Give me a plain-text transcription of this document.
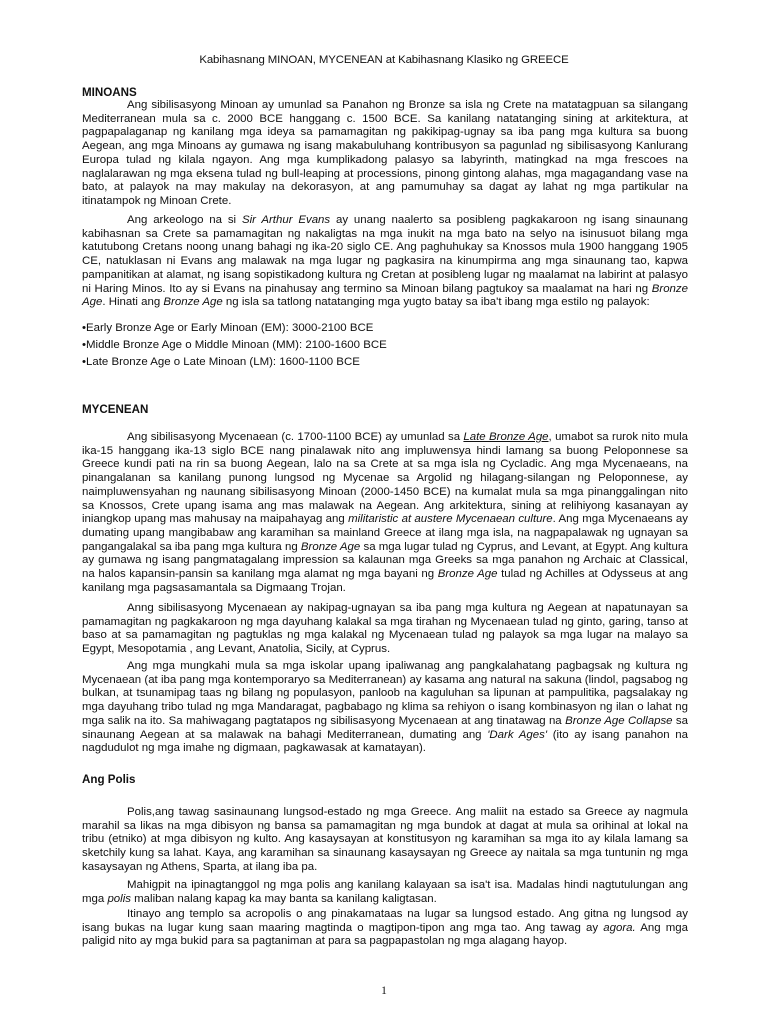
Kabihasnang MINOAN, MYCENEAN at Kabihasnang Klasiko ng GREECE
MINOANS

Ang sibilisasyong Minoan ay umunlad sa Panahon ng Bronze sa isla ng Crete na matatagpuan sa silangang Mediterranean mula sa c. 2000 BCE hanggang c. 1500 BCE. Sa kanilang natatanging sining at arkitektura, at pagpapalaganap ng kanilang mga ideya sa pamamagitan ng pakikipag-ugnay sa iba pang mga kultura sa buong Aegean, ang mga Minoans ay gumawa ng isang makabuluhang kontribusyon sa pagunlad ng sibilisasyong Kanlurang Europa tulad ng kilala ngayon. Ang mga kumplikadong palasyo sa labyrinth, matingkad na mga frescoes na naglalarawan ng mga eksena tulad ng bull-leaping at processions, pinong gintong alahas, mga magagandang vase na bato, at palayok na may makulay na dekorasyon, at ang pamumuhay sa dagat ay lahat ng mga partikular na itinatampok ng Minoan Crete.

Ang arkeologo na si Sir Arthur Evans ay unang naalerto sa posibleng pagkakaroon ng isang sinaunang kabihasnan sa Crete sa pamamagitan ng nakaligtas na mga inukit na mga bato na selyo na isinusuot bilang mga katutubong Cretans noong unang bahagi ng ika-20 siglo CE. Ang paghuhukay sa Knossos mula 1900 hanggang 1905 CE, natuklasan ni Evans ang malawak na mga lugar ng pagkasira na kinumpirma ang mga sinaunang tao, kapwa pampanitikan at alamat, ng isang sopistikadong kultura ng Cretan at posibleng lugar ng maalamat na labirint at palasyo ni Haring Minos. Ito ay si Evans na pinahusay ang termino sa Minoan bilang pagtukoy sa maalamat na hari ng Bronze Age. Hinati ang Bronze Age ng isla sa tatlong natatanging mga yugto batay sa iba't ibang mga estilo ng palayok:

•Early Bronze Age or Early Minoan (EM): 3000-2100 BCE
•Middle Bronze Age o Middle Minoan (MM): 2100-1600 BCE
•Late Bronze Age o Late Minoan (LM): 1600-1100 BCE
MYCENEAN

Ang sibilisasyong Mycenaean (c. 1700-1100 BCE) ay umunlad sa Late Bronze Age, umabot sa rurok nito mula ika-15 hanggang ika-13 siglo BCE nang pinalawak nito ang impluwensya hindi lamang sa buong Peloponnese sa Greece kundi pati na rin sa buong Aegean, lalo na sa Crete at sa mga isla ng Cycladic. Ang mga Mycenaeans, na pinangalanan sa kanilang punong lungsod ng Mycenae sa Argolid ng hilagang-silangan ng Peloponnese, ay naimpluwensyahan ng naunang sibilisasyong Minoan (2000-1450 BCE) na kumalat mula sa mga pinanggalingan nito sa Knossos, Crete upang isama ang mas malawak na Aegean. Ang arkitektura, sining at relihiyong kasanayan ay iniangkop upang mas mahusay na maipahayag ang militaristic at austere Mycenaean culture. Ang mga Mycenaeans ay dumating upang mangibabaw ang karamihan sa mainland Greece at ilang mga isla, na nagpapalawak ng ugnayan sa pangangalakal sa iba pang mga kultura ng Bronze Age sa mga lugar tulad ng Cyprus, and Levant, at Egypt. Ang kultura ay gumawa ng isang pangmatagalang impression sa kalaunan mga Greeks sa mga panahon ng Archaic at Classical, na halos kapansin-pansin sa kanilang mga alamat ng mga bayani ng Bronze Age tulad ng Achilles at Odysseus at ang kanilang mga pagsasamantala sa Digmaang Trojan.

Anng sibilisasyong Mycenaean ay nakipag-ugnayan sa iba pang mga kultura ng Aegean at napatunayan sa pamamagitan ng pagkakaroon ng mga dayuhang kalakal sa mga tirahan ng Mycenaean tulad ng ginto, garing, tanso at baso at sa pamamagitan ng pagtuklas ng mga kalakal ng Mycenaean tulad ng palayok sa mga lugar na malayo sa Egypt, Mesopotamia , ang Levant, Anatolia, Sicily, at Cyprus.

Ang mga mungkahi mula sa mga iskolar upang ipaliwanag ang pangkalahatang pagbagsak ng kultura ng Mycenaean (at iba pang mga kontemporaryo sa Mediterranean) ay kasama ang natural na sakuna (lindol, pagsabog ng bulkan, at tsunamipag taas ng bilang ng populasyon, panloob na kaguluhan sa lipunan at pampulitika, pagsalakay ng mga dayuhang tribo tulad ng mga Mandaragat, pagbabago ng klima sa rehiyon o isang kombinasyon ng ilan o lahat ng mga salik na ito. Sa mahiwagang pagtatapos ng sibilisasyong Mycenaean at ang tinatawag na Bronze Age Collapse sa sinaunang Aegean at sa malawak na bahagi Mediterranean, dumating ang 'Dark Ages' (ito ay isang panahon na nagdudulot ng mga imahe ng digmaan, pagkawasak at kamatayan).

Ang Polis

Polis,ang tawag sasinaunang lungsod-estado ng mga Greece. Ang maliit na estado sa Greece ay nagmula marahil sa likas na mga dibisyon ng bansa sa pamamagitan ng mga bundok at dagat at mula sa orihinal at lokal na tribu (etniko) at mga dibisyon ng kulto. Ang kasaysayan at konstitusyon ng karamihan sa mga ito ay kilala lamang sa sketchily kung sa lahat. Kaya, ang karamihan sa sinaunang kasaysayan ng Greece ay naitala sa mga tuntunin ng mga kasaysayan ng Athens, Sparta, at ilang iba pa.

Mahigpit na ipinagtanggol ng mga polis ang kanilang kalayaan sa isa't isa. Madalas hindi nagtutulungan ang mga polis maliban nalang kapag ka may banta sa kanilang kaligtasan.

Itinayo ang templo sa acropolis o ang pinakamataas na lugar sa lungsod estado. Ang gitna ng lungsod ay isang bukas na lugar kung saan maaring magtinda o magtipon-tipon ang mga tao. Ang tawag ay agora. Ang mga paligid nito ay mga bukid para sa pagtaniman at para sa pagpapastolan ng mga alagang hayop.

1
